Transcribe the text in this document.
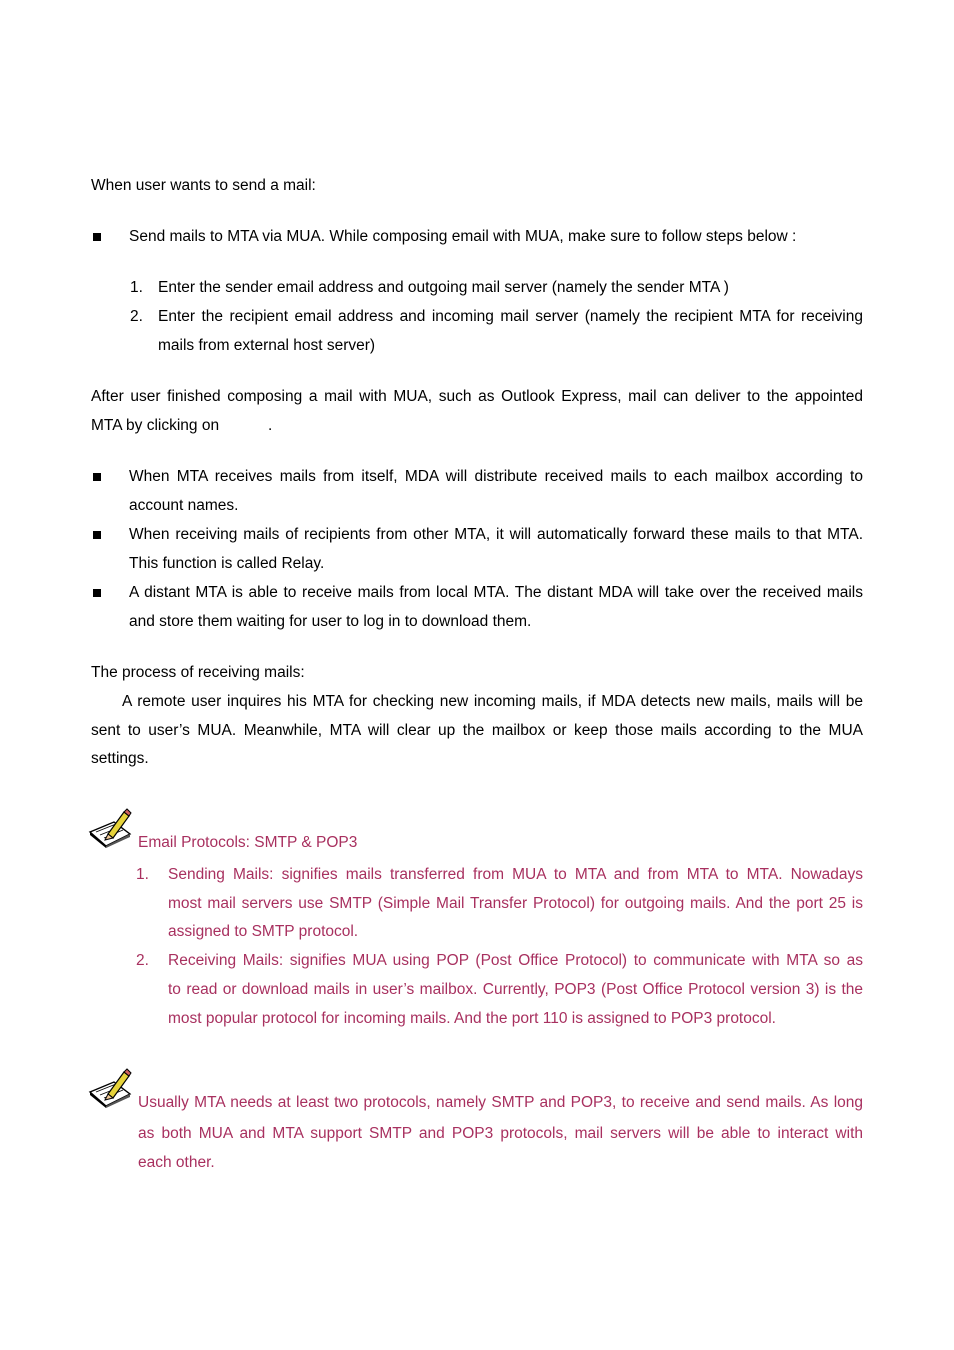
When user wants to send a mail:
Send mails to MTA via MUA. While composing email with MUA, make sure to follow steps below :
1. Enter the sender email address and outgoing mail server (namely the sender MTA )
2. Enter the recipient email address and incoming mail server (namely the recipient MTA for receiving
mails from external host server)
After user finished composing a mail with MUA, such as Outlook Express, mail can deliver to the appointed
MTA by clicking on	.
When MTA receives mails from itself, MDA will distribute received mails to each mailbox according to
account names.
When receiving mails of recipients from other MTA, it will automatically forward these mails to that MTA.
This function is called Relay.
A distant MTA is able to receive mails from local MTA. The distant MDA will take over the received mails
and store them waiting for user to log in to download them.
The process of receiving mails:
A remote user inquires his MTA for checking new incoming mails, if MDA detects new mails, mails will be
sent to user’s MUA. Meanwhile, MTA will clear up the mailbox or keep those mails according to the MUA
settings.
Email Protocols: SMTP & POP3
1. Sending Mails: signifies mails transferred from MUA to MTA and from MTA to MTA. Nowadays
most mail servers use SMTP (Simple Mail Transfer Protocol) for outgoing mails. And the port 25 is
assigned to SMTP protocol.
2. Receiving Mails: signifies MUA using POP (Post Office Protocol) to communicate with MTA so as
to read or download mails in user’s mailbox. Currently, POP3 (Post Office Protocol version 3) is the
most popular protocol for incoming mails. And the port 110 is assigned to POP3 protocol.
Usually MTA needs at least two protocols, namely SMTP and POP3, to receive and send mails. As long
as both MUA and MTA support SMTP and POP3 protocols, mail servers will be able to interact with
each other.
